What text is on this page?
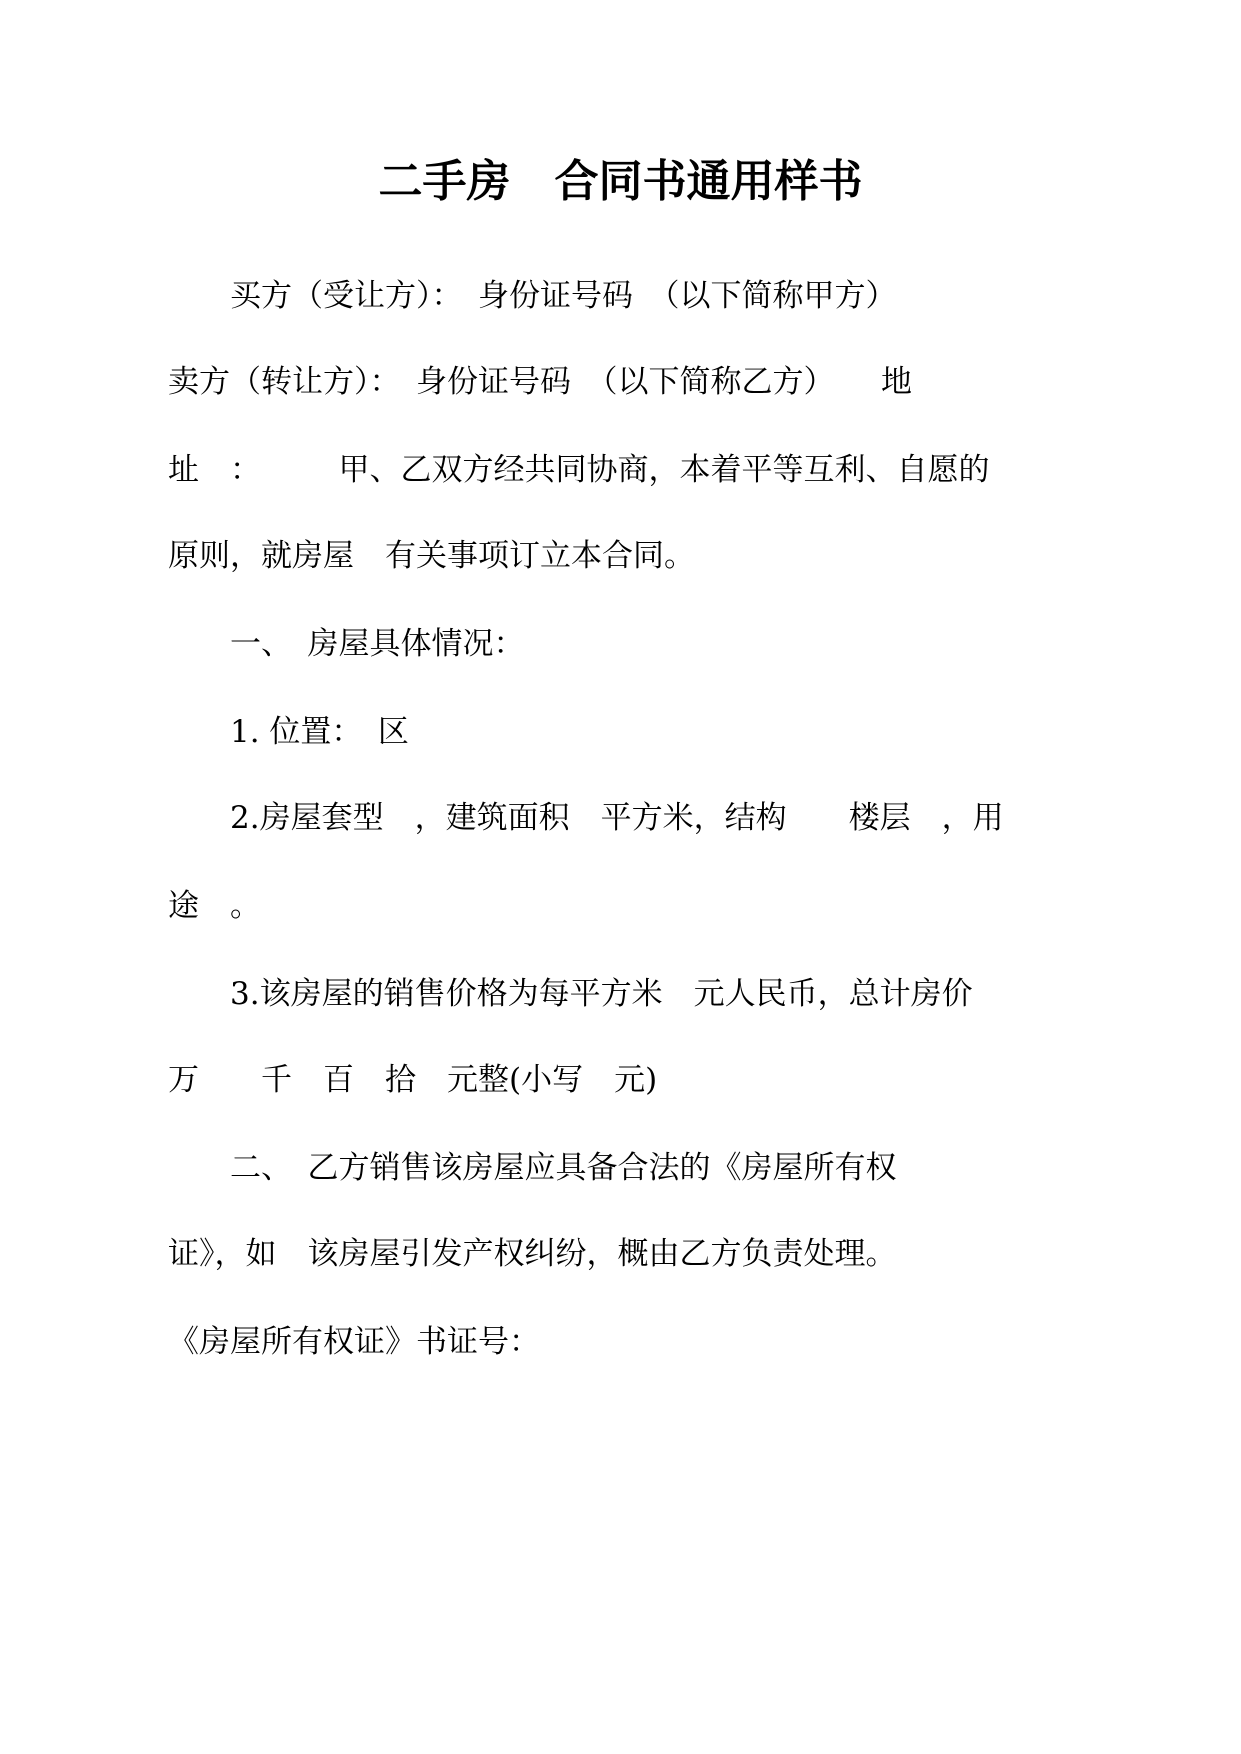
二手房　合同书通用样书
买方（受让方）：　身份证号码　（以下简称甲方）
卖方（转让方）：　身份证号码　（以下简称乙方）　　地
址　：　　　甲、乙双方经共同协商，本着平等互利、自愿的
原则，就房屋　有关事项订立本合同。
一、　房屋具体情况：
1. 位置：　区
2.房屋套型　，建筑面积　平方米，结构　　楼层　，用
途　。
3.该房屋的销售价格为每平方米　元人民币，总计房价
万　　千　百　拾　元整(小写　元)
二、　乙方销售该房屋应具备合法的《房屋所有权
证》，如　该房屋引发产权纠纷，概由乙方负责处理。
《房屋所有权证》书证号：
